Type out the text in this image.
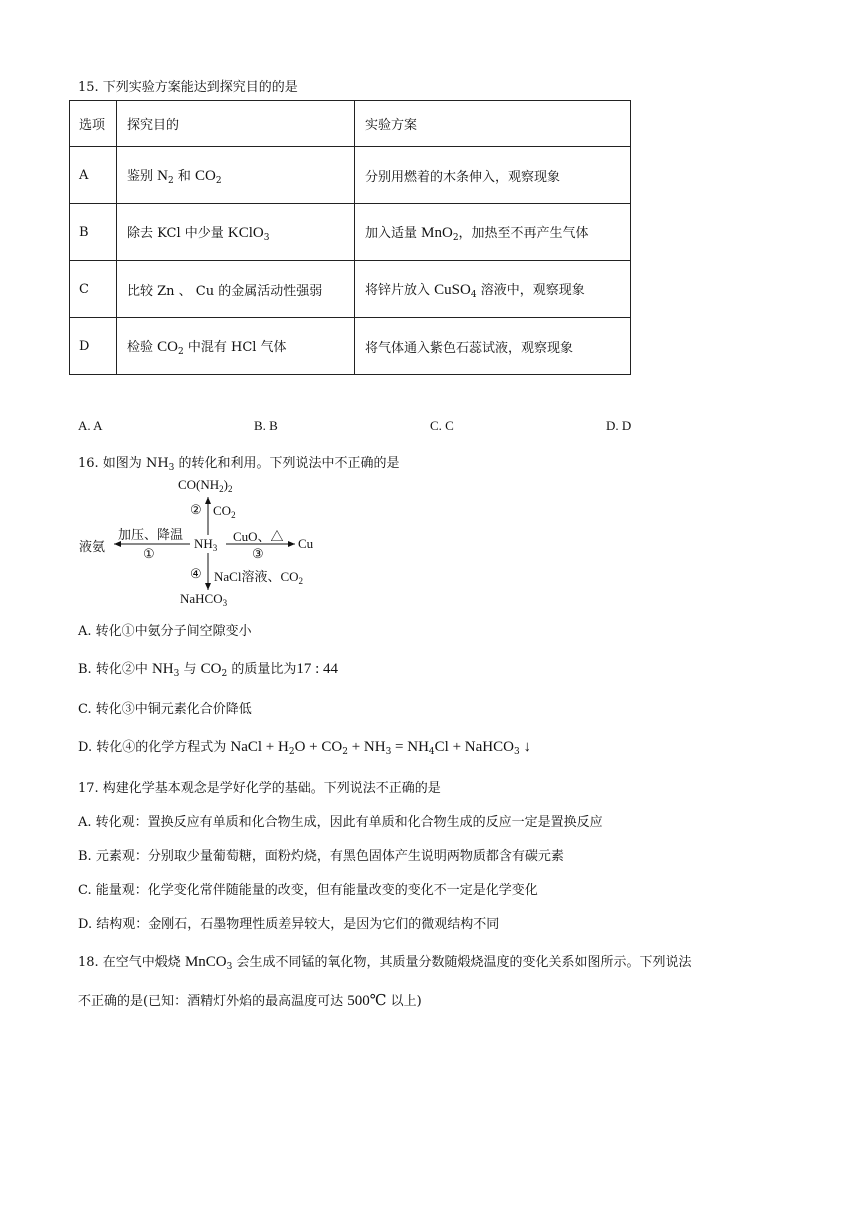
15. 下列实验方案能达到探究目的的是
选项	探究目的	实验方案
A	鉴别 $N_2$ 和 $CO_2$	分别用燃着的木条伸入，观察现象
B	除去 KCl 中少量 KClO$_3$	加入适量 MnO$_2$，加热至不再产生气体
C	比较 Zn 、 Cu 的金属活动性强弱	将锌片放入 CuSO$_4$ 溶液中，观察现象
D	检验 $CO_2$ 中混有 HCl 气体	将气体通入紫色石蕊试液，观察现象
A. A	B. B	C. C	D. D
16. 如图为 $NH_3$ 的转化和利用。下列说法中不正确的是
$CO(NH_2)_2$
② $CO_2$
液氨
加压、降温
①
$NH_3$
CuO、△
③
Cu
④ NaCl溶液、$CO_2$
NaHCO$_3$
A. 转化①中氨分子间空隙变小
B. 转化②中 $NH_3$ 与 $CO_2$ 的质量比为17 : 44
C. 转化③中铜元素化合价降低
D. 转化④的化学方程式为 NaCl + $H_2O + CO_2 + NH_3 = NH_4Cl$ + NaHCO$_3$ ↓
17. 构建化学基本观念是学好化学的基础。下列说法不正确的是
A. 转化观：置换反应有单质和化合物生成，因此有单质和化合物生成的反应一定是置换反应
B. 元素观：分别取少量葡萄糖，面粉灼烧，有黑色固体产生说明两物质都含有碳元素
C. 能量观：化学变化常伴随能量的改变，但有能量改变的变化不一定是化学变化
D. 结构观：金刚石，石墨物理性质差异较大，是因为它们的微观结构不同
18. 在空气中煅烧 MnCO$_3$ 会生成不同锰的氧化物，其质量分数随煅烧温度的变化关系如图所示。下列说法
不正确的是(已知：酒精灯外焰的最高温度可达 500℃ 以上)
